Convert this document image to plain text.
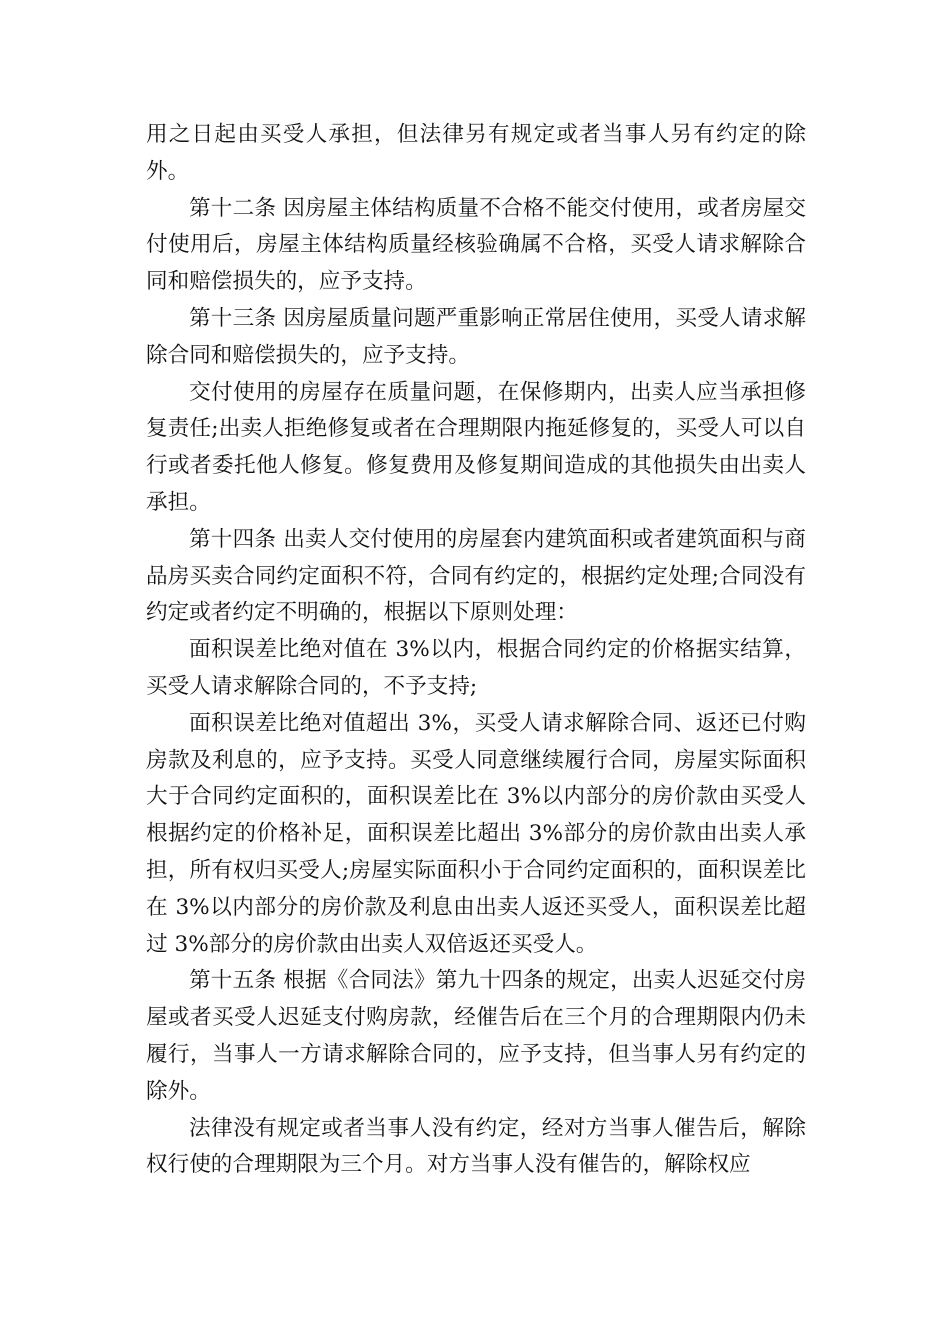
用之日起由买受人承担，但法律另有规定或者当事人另有约定的除外。

第十二条 因房屋主体结构质量不合格不能交付使用，或者房屋交付使用后，房屋主体结构质量经核验确属不合格，买受人请求解除合同和赔偿损失的，应予支持。

第十三条 因房屋质量问题严重影响正常居住使用，买受人请求解除合同和赔偿损失的，应予支持。

交付使用的房屋存在质量问题，在保修期内，出卖人应当承担修复责任;出卖人拒绝修复或者在合理期限内拖延修复的，买受人可以自行或者委托他人修复。修复费用及修复期间造成的其他损失由出卖人承担。

第十四条 出卖人交付使用的房屋套内建筑面积或者建筑面积与商品房买卖合同约定面积不符，合同有约定的，根据约定处理;合同没有约定或者约定不明确的，根据以下原则处理：

面积误差比绝对值在 3%以内，根据合同约定的价格据实结算，买受人请求解除合同的，不予支持;

面积误差比绝对值超出 3%，买受人请求解除合同、返还已付购房款及利息的，应予支持。买受人同意继续履行合同，房屋实际面积大于合同约定面积的，面积误差比在 3%以内部分的房价款由买受人根据约定的价格补足，面积误差比超出 3%部分的房价款由出卖人承担，所有权归买受人;房屋实际面积小于合同约定面积的，面积误差比在 3%以内部分的房价款及利息由出卖人返还买受人，面积误差比超过 3%部分的房价款由出卖人双倍返还买受人。

第十五条 根据《合同法》第九十四条的规定，出卖人迟延交付房屋或者买受人迟延支付购房款，经催告后在三个月的合理期限内仍未履行，当事人一方请求解除合同的，应予支持，但当事人另有约定的除外。

法律没有规定或者当事人没有约定，经对方当事人催告后，解除权行使的合理期限为三个月。对方当事人没有催告的，解除权应
